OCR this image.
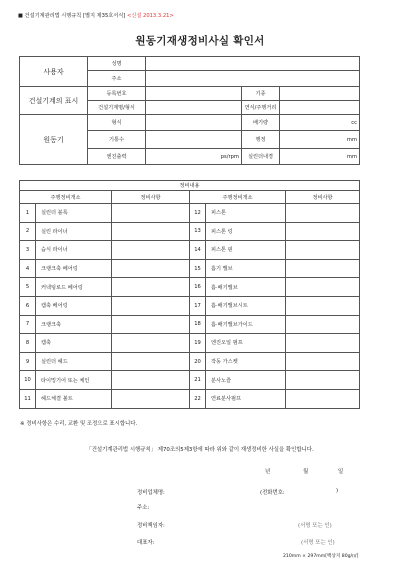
■ 건설기계관리법 시행규칙 [별지 제35호서식] <신설 2013.3.21>
원동기재생정비사실 확인서
사용자	성명			
	주소			
건설기계의 표시	등록번호		기종	
	건설기계명/형식		연식/주행거리	
원동기	형식		배기량	cc
	기통수		행정	mm
	엔진출력	ps/rpm	실린더내경	mm
정비내용					
주행정비개소		정비사항	주행정비개소		정비사항
1	실린더 블록		12	피스톤	
2	실린 라이너		13	피스톤 링	
3	습식 라이너		14	피스톤 핀	
4	크랭크축 베어링		15	흡기 밸브	
5	커넥팅로드 베어링		16	흡·배기밸브	
6	캠축 베어링		17	흡·배기밸브시트	
7	크랭크축		18	흡·배기밸브가이드	
8	캠축		19	엔진오일 펌프	
9	실린더 헤드		20	작동 가스켓	
10	타이밍기어 또는 체인		21	분사노즐	
11	헤드체결 볼트		22	연료분사펌프	
※ 정비사항은 수리, 교환 및 조정으로 표시합니다.
「건설기계관리법 시행규칙」 제70조의5제3항에 따라 위와 같이 재생정비한 사실을 확인합니다.
년	월	일
정비업체명:	(전화번호:	)
주소:
정비책임자:	(서명 또는 인)
대표자:	(서명 또는 인)
210mm × 297mm[백상지 80g/㎡]
